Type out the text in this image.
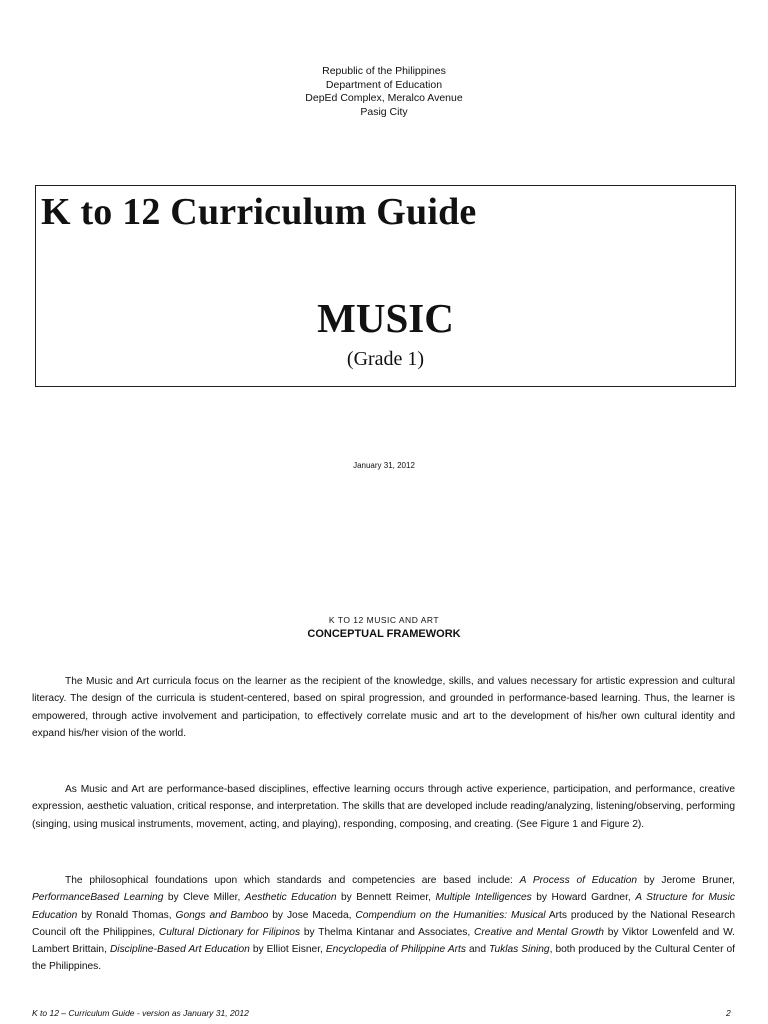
Republic of the Philippines
Department of Education
DepEd Complex, Meralco Avenue
Pasig City
K to 12 Curriculum Guide
MUSIC
(Grade 1)
January 31, 2012
K TO 12 MUSIC AND ART
CONCEPTUAL FRAMEWORK

The Music and Art curricula focus on the learner as the recipient of the knowledge, skills, and values necessary for artistic expression and cultural literacy. The design of the curricula is student-centered, based on spiral progression, and grounded in performance-based learning. Thus, the learner is empowered, through active involvement and participation, to effectively correlate music and art to the development of his/her own cultural identity and expand his/her vision of the world.

As Music and Art are performance-based disciplines, effective learning occurs through active experience, participation, and performance, creative expression, aesthetic valuation, critical response, and interpretation. The skills that are developed include reading/analyzing, listening/observing, performing (singing, using musical instruments, movement, acting, and playing), responding, composing, and creating. (See Figure 1 and Figure 2).

The philosophical foundations upon which standards and competencies are based include: A Process of Education by Jerome Bruner, PerformanceBased Learning by Cleve Miller, Aesthetic Education by Bennett Reimer, Multiple Intelligences by Howard Gardner, A Structure for Music Education by Ronald Thomas, Gongs and Bamboo by Jose Maceda, Compendium on the Humanities: Musical Arts produced by the National Research Council oft the Philippines, Cultural Dictionary for Filipinos by Thelma Kintanar and Associates, Creative and Mental Growth by Viktor Lowenfeld and W. Lambert Brittain, Discipline-Based Art Education by Elliot Eisner, Encyclopedia of Philippine Arts and Tuklas Sining, both produced by the Cultural Center of the Philippines.

K to 12 – Curriculum Guide - version as January 31, 2012	2
